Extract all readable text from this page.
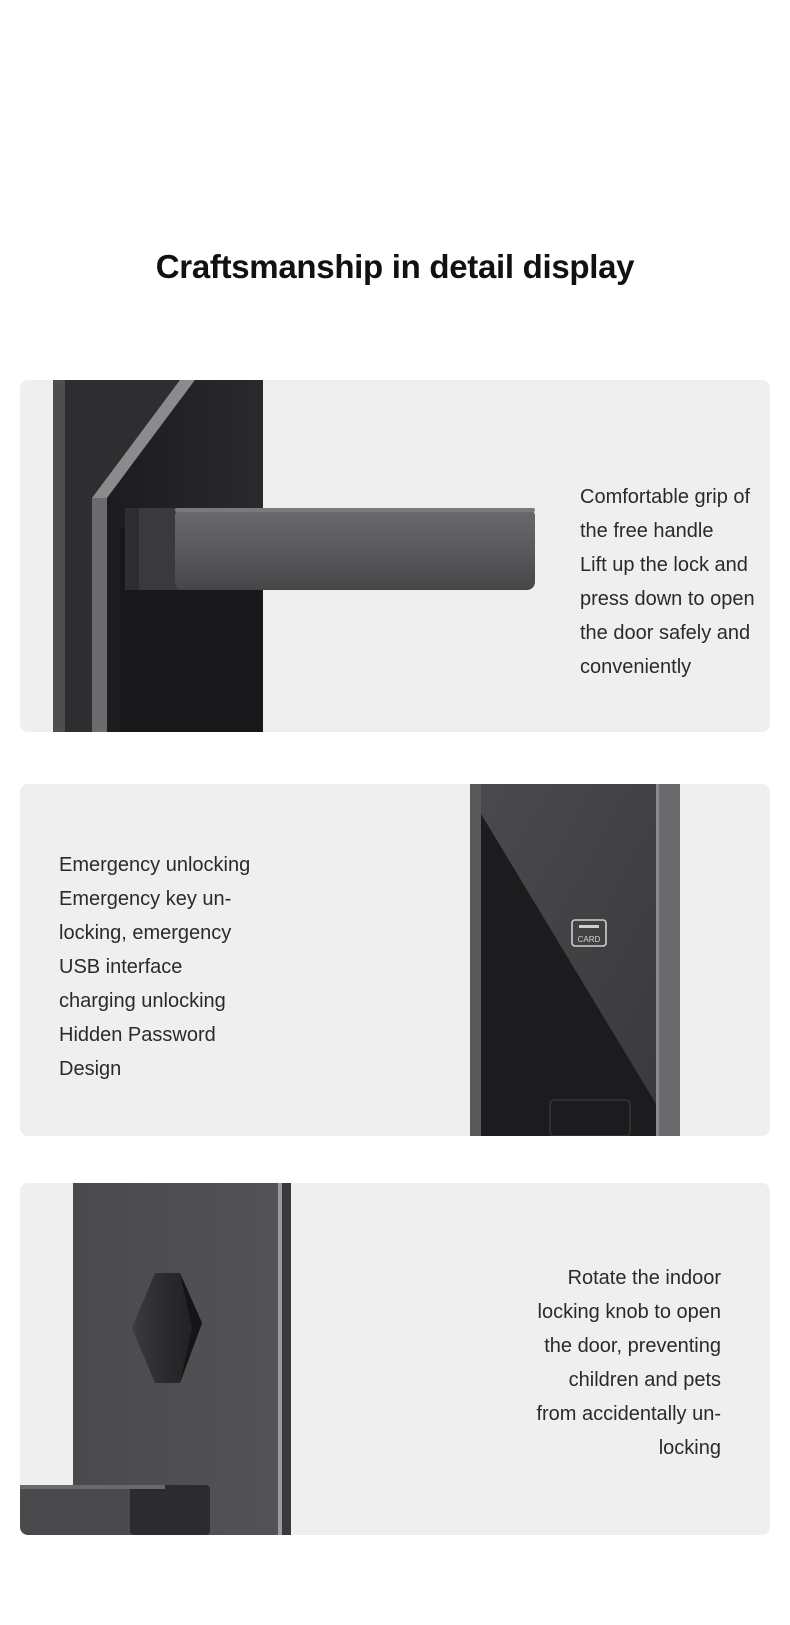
Craftsmanship in detail display
Comfortable grip of
the free handle
Lift up the lock and
press down to open
the door safely and
conveniently
CARD
Emergency unlocking
Emergency key un-
locking, emergency
USB interface
charging unlocking
Hidden Password
Design
Rotate the indoor
locking knob to open
the door, preventing
children and pets
from accidentally un-
locking
